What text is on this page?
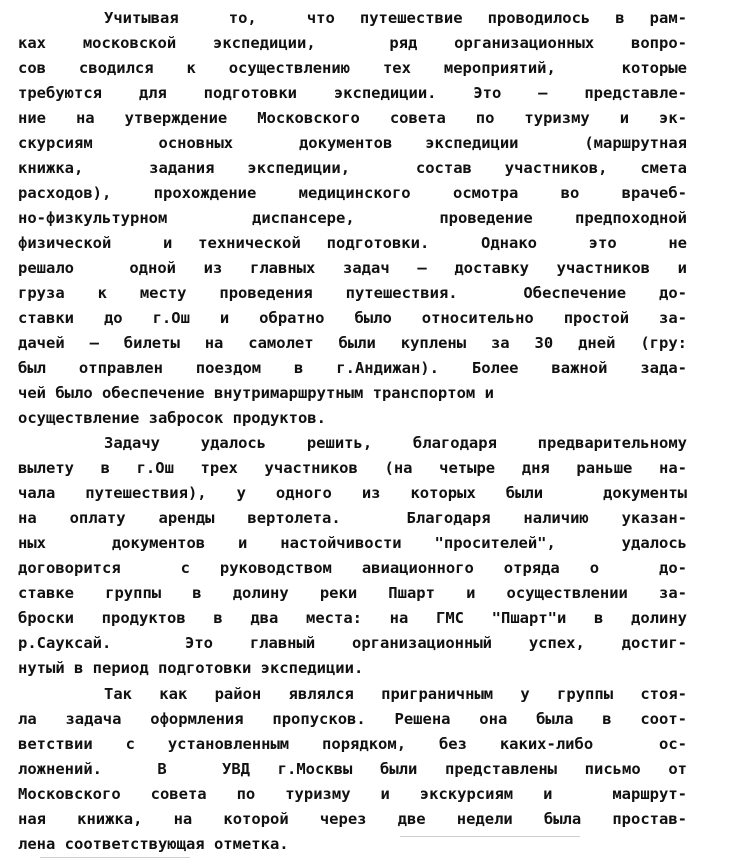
Учитывая  то,  что путешествие проводилось в рам-
ках московской экспедиции,  ряд организационных вопро-
сов сводился к осуществлению тех мероприятий,  которые
требуются для подготовки экспедиции. Это – представле-
ние на утверждение Московского совета по туризму и эк-
скурсиям  основных  документов экспедиции  (маршрутная
книжка,  задания экспедиции,  состав участников, смета
расходов), прохождение медицинского осмотра во врачеб-
но-физкультурном  диспансере,  проведение предпоходной
физической  и технической подготовки.  Однако  это  не
решало  одной из главных задач – доставку участников и
груза к месту проведения путешествия.  Обеспечение до-
ставки до г.Ош и обратно было относительно простой за-
дачей – билеты на самолет были куплены за 30 дней (гру:
был отправлен поездом в г.Андижан). Более важной зада-
чей было обеспечение внутримаршрутным транспортом и
осуществление забросок продуктов.
Задачу удалось решить, благодаря предварительному
вылету в г.Ош трех участников (на четыре дня раньше на-
чала путешествия), у одного из которых были  документы
на оплату аренды вертолета.  Благодаря наличию указан-
ных  документов и настойчивости "просителей",  удалось
договорится  с руководством авиационного отряда о  до-
ставке группы в долину реки Пшарт и осуществлении за-
броски продуктов в два места: на ГМС "Пшарт"и в долину
р.Сауксай.  Это главный организационный успех, достиг-
нутый в период подготовки экспедиции.
Так как район являлся приграничным у группы стоя-
ла задача оформления пропусков. Решена она была в соот-
ветствии с установленным порядком, без каких-либо  ос-
ложнений.  В  УВД г.Москвы были представлены письмо от
Московского совета по туризму и экскурсиям и  маршрут-
ная книжка, на которой через две недели была простав-
лена соответствующая отметка.
